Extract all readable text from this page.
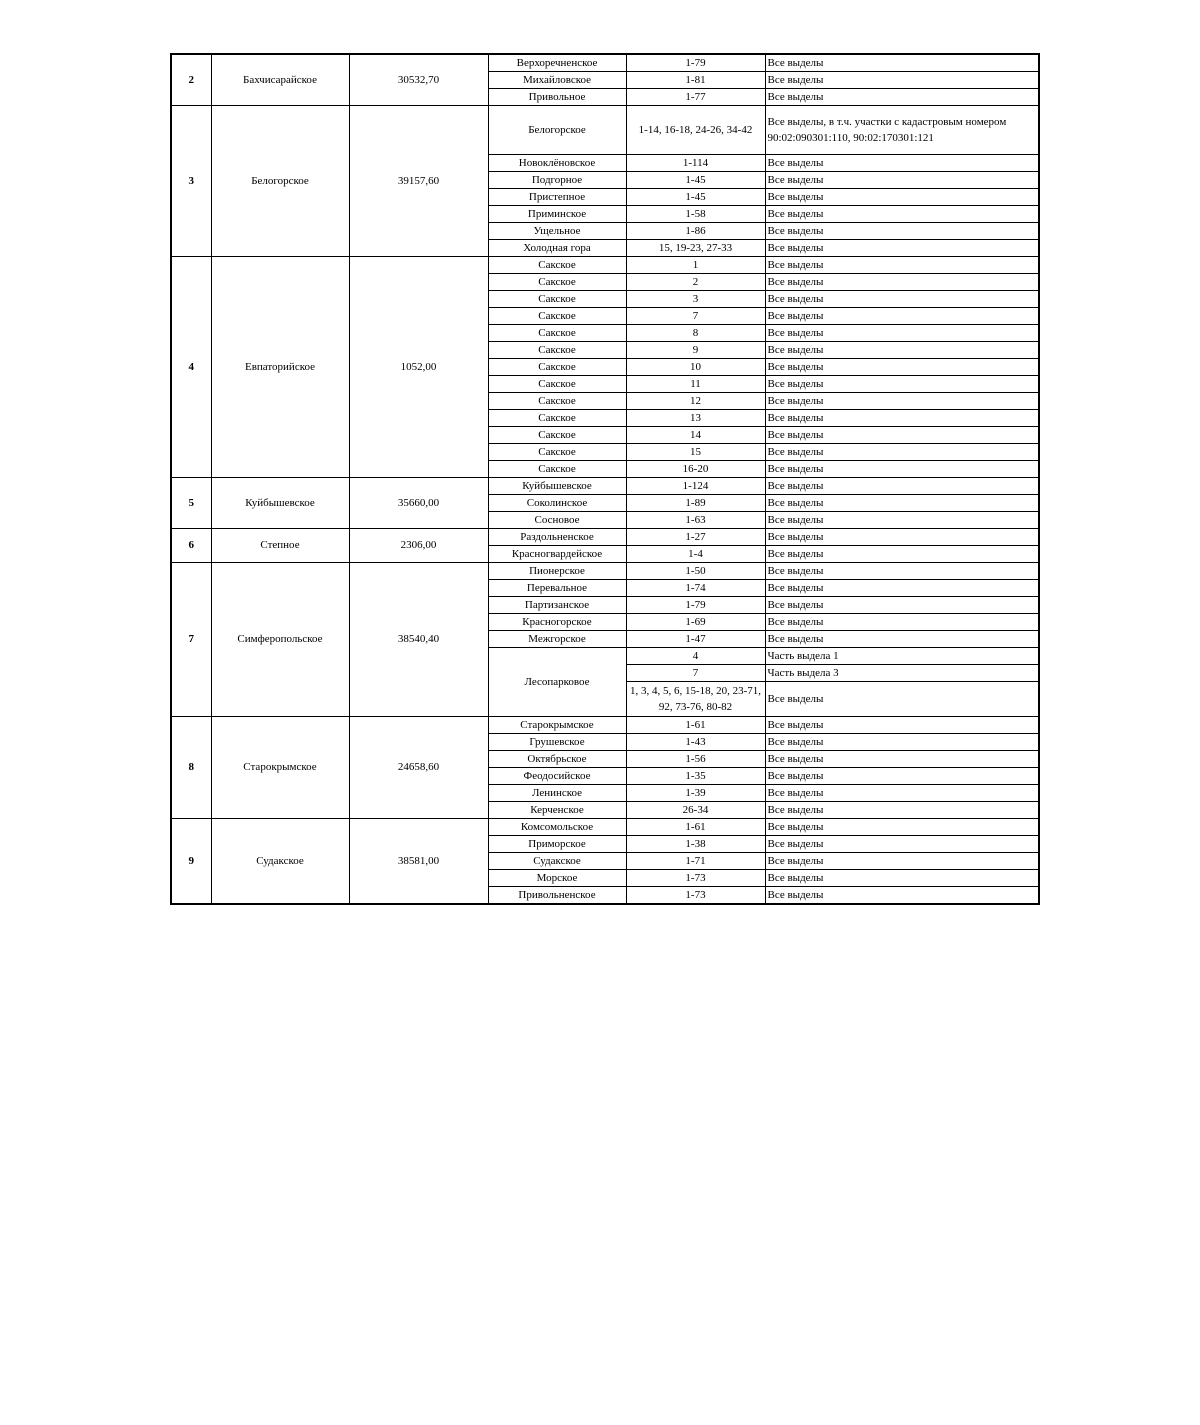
2	Бахчисарайское	30532,70	Верхоречненское	1-79	Все выделы
			Михайловское	1-81	Все выделы
			Привольное	1-77	Все выделы
3	Белогорское	39157,60	Белогорское	1-14, 16-18, 24-26, 34-42	Все выделы, в т.ч. участки с кадастровым номером 90:02:090301:110, 90:02:170301:121
			Новоклёновское	1-114	Все выделы
			Подгорное	1-45	Все выделы
			Пристепное	1-45	Все выделы
			Приминское	1-58	Все выделы
			Ущельное	1-86	Все выделы
			Холодная гора	15, 19-23, 27-33	Все выделы
4	Евпаторийское	1052,00	Сакское	1	Все выделы
			Сакское	2	Все выделы
			Сакское	3	Все выделы
			Сакское	7	Все выделы
			Сакское	8	Все выделы
			Сакское	9	Все выделы
			Сакское	10	Все выделы
			Сакское	11	Все выделы
			Сакское	12	Все выделы
			Сакское	13	Все выделы
			Сакское	14	Все выделы
			Сакское	15	Все выделы
			Сакское	16-20	Все выделы
5	Куйбышевское	35660,00	Куйбышевское	1-124	Все выделы
			Соколинское	1-89	Все выделы
			Сосновое	1-63	Все выделы
6	Степное	2306,00	Раздольненское	1-27	Все выделы
			Красногвардейское	1-4	Все выделы
7	Симферопольское	38540,40	Пионерское	1-50	Все выделы
			Перевальное	1-74	Все выделы
			Партизанское	1-79	Все выделы
			Красногорское	1-69	Все выделы
			Межгорское	1-47	Все выделы
			Лесопарковое	4	Часть выдела 1
				7	Часть выдела 3
				1, 3, 4, 5, 6, 15-18, 20, 23-71, 92, 73-76, 80-82	Все выделы
8	Старокрымское	24658,60	Старокрымское	1-61	Все выделы
			Грушевское	1-43	Все выделы
			Октябрьское	1-56	Все выделы
			Феодосийское	1-35	Все выделы
			Ленинское	1-39	Все выделы
			Керченское	26-34	Все выделы
9	Судакское	38581,00	Комсомольское	1-61	Все выделы
			Приморское	1-38	Все выделы
			Судакское	1-71	Все выделы
			Морское	1-73	Все выделы
			Привольненское	1-73	Все выделы
